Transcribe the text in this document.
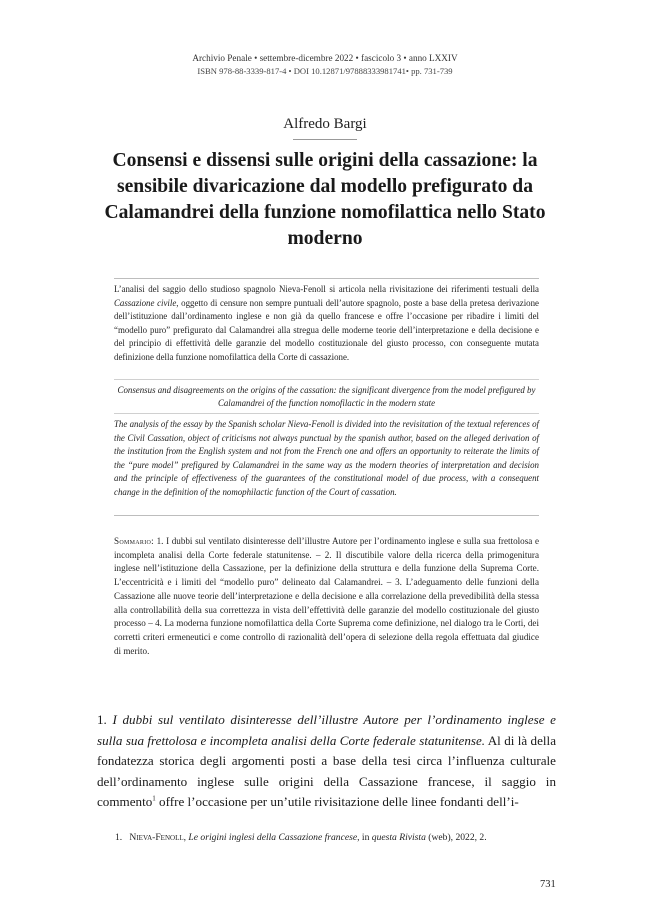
Archivio Penale • settembre-dicembre 2022 • fascicolo 3 • anno LXXIV
ISBN 978-88-3339-817-4 • DOI 10.12871/97888333981741• pp. 731-739
Alfredo Bargi
Consensi e dissensi sulle origini della cassazione: la sensibile divaricazione dal modello prefigurato da Calamandrei della funzione nomofilattica nello Stato moderno
L’analisi del saggio dello studioso spagnolo Nieva-Fenoll si articola nella rivisitazione dei riferimenti testuali della Cassazione civile, oggetto di censure non sempre puntuali dell’autore spagnolo, poste a base della pretesa derivazione dell’istituzione dall’ordinamento inglese e non già da quello francese e offre l’occasione per ribadire i limiti del “modello puro” prefigurato dal Calamandrei alla stregua delle moderne teorie dell’interpretazione e della decisione e del principio di effettività delle garanzie del modello costituzionale del giusto processo, con conseguente mutata definizione della funzione nomofilattica della Corte di cassazione.
Consensus and disagreements on the origins of the cassation: the significant divergence from the model prefigured by Calamandrei of the function nomofilactic in the modern state
The analysis of the essay by the Spanish scholar Nieva-Fenoll is divided into the revisitation of the textual references of the Civil Cassation, object of criticisms not always punctual by the spanish author, based on the alleged derivation of the institution from the English system and not from the French one and offers an opportunity to reiterate the limits of the “pure model” prefigured by Calamandrei in the same way as the modern theories of interpretation and decision and the principle of effectiveness of the guarantees of the constitutional model of due process, with a consequent change in the definition of the nomophilactic function of the Court of cassation.
Sommario: 1. I dubbi sul ventilato disinteresse dell’illustre Autore per l’ordinamento inglese e sulla sua frettolosa e incompleta analisi della Corte federale statunitense. – 2. Il discutibile valore della ricerca della primogenitura inglese nell’istituzione della Cassazione, per la definizione della struttura e della funzione della Suprema Corte. L’eccentricità e i limiti del “modello puro” delineato dal Calamandrei. – 3. L’adeguamento delle funzioni della Cassazione alle nuove teorie dell’interpretazione e della decisione e alla correlazione della prevedibilità della stessa alla controllabilità della sua correttezza in vista dell’effettività delle garanzie del modello costituzionale del giusto processo – 4. La moderna funzione nomofilattica della Corte Suprema come definizione, nel dialogo tra le Corti, dei corretti criteri ermeneutici e come controllo di razionalità dell’opera di selezione della regola effettuata dal giudice di merito.
1. I dubbi sul ventilato disinteresse dell’illustre Autore per l’ordinamento inglese e sulla sua frettolosa e incompleta analisi della Corte federale statunitense. Al di là della fondatezza storica degli argomenti posti a base della tesi circa l’influenza culturale dell’ordinamento inglese sulle origini della Cassazione francese, il saggio in commento$^1$ offre l’occasione per un’utile rivisitazione delle linee fondanti dell’i-
1. Nieva-Fenoll, Le origini inglesi della Cassazione francese, in questa Rivista (web), 2022, 2.
731
